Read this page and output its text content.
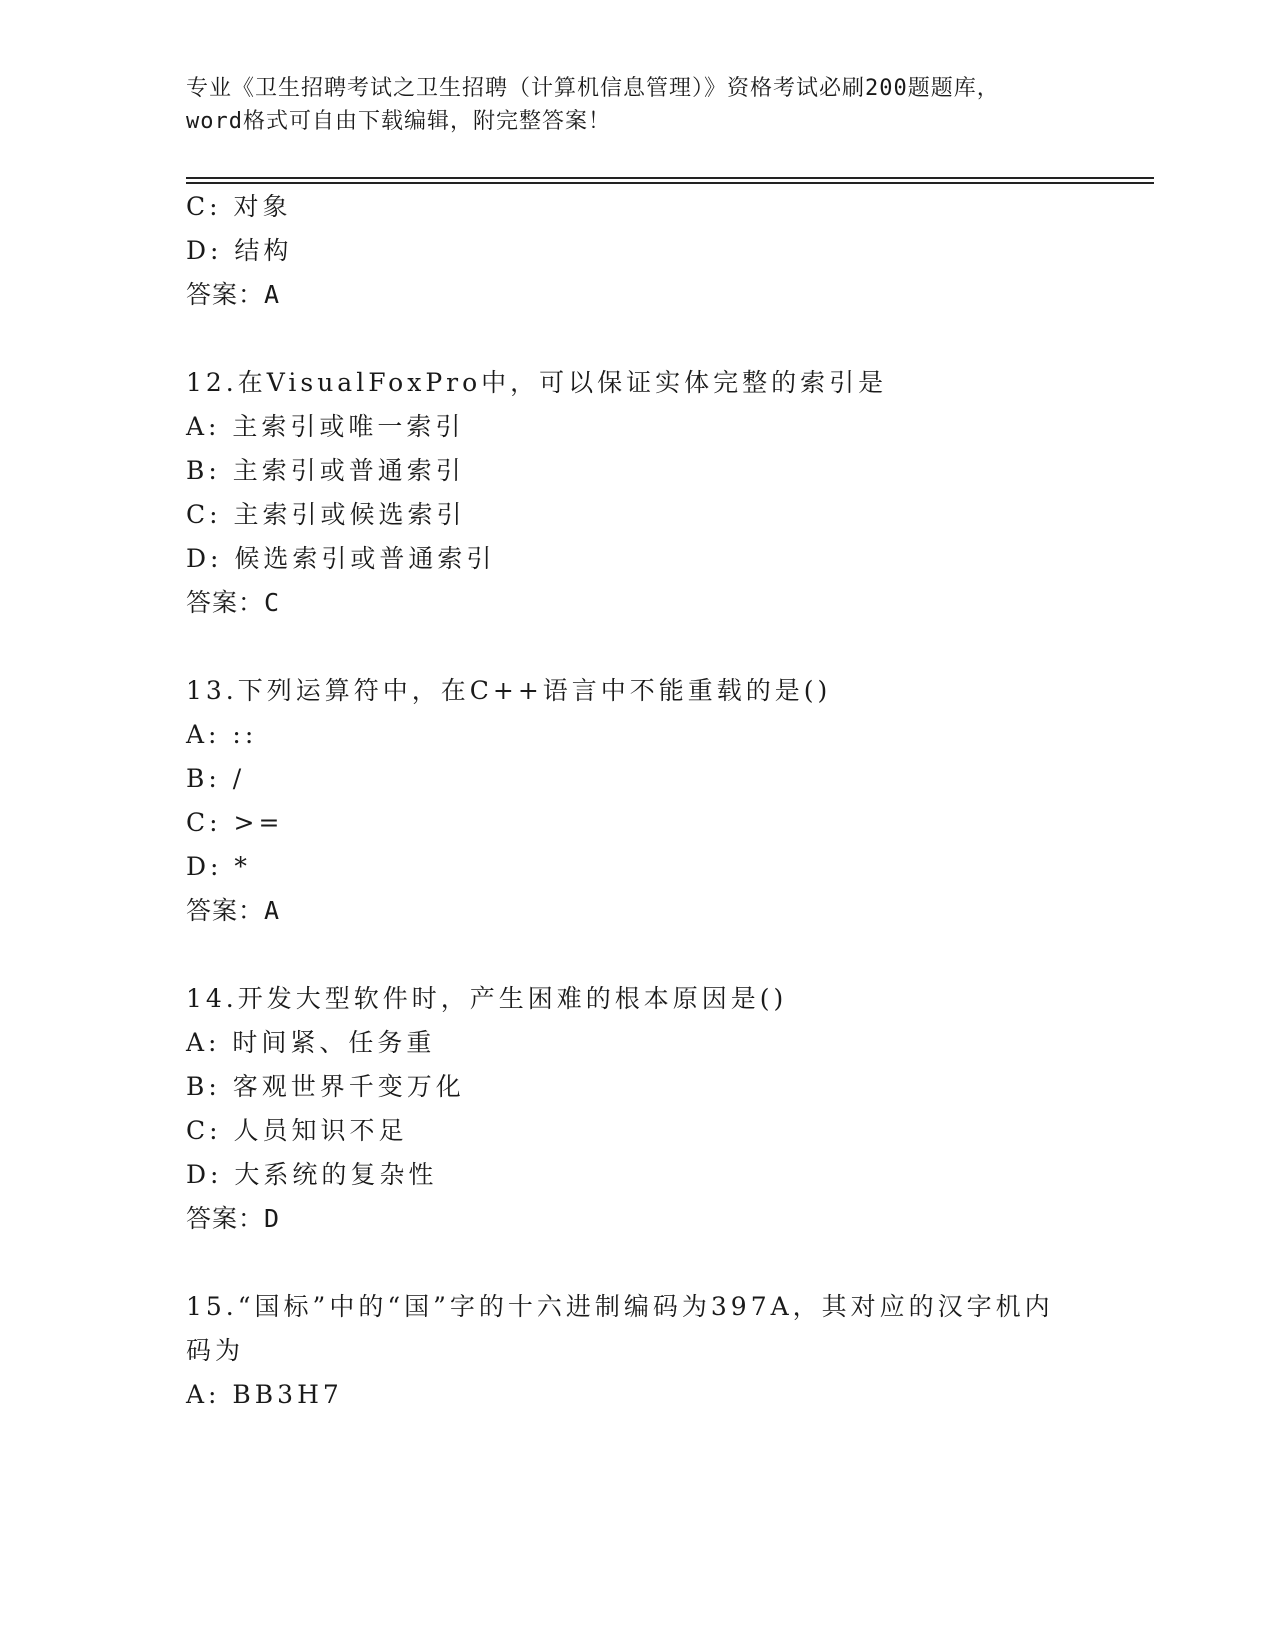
专业《卫生招聘考试之卫生招聘（计算机信息管理）》资格考试必刷200题题库，
word格式可自由下载编辑，附完整答案！
C: 对象
D: 结构
答案：A
12.在VisualFoxPro中，可以保证实体完整的索引是
A: 主索引或唯一索引
B: 主索引或普通索引
C: 主索引或候选索引
D: 候选索引或普通索引
答案：C
13.下列运算符中，在C++语言中不能重载的是()
A: ::
B: /
C: >=
D: *
答案：A
14.开发大型软件时，产生困难的根本原因是()
A: 时间紧、任务重
B: 客观世界千变万化
C: 人员知识不足
D: 大系统的复杂性
答案：D
15.“国标”中的“国”字的十六进制编码为397A，其对应的汉字机内
码为
A: BB3H7
